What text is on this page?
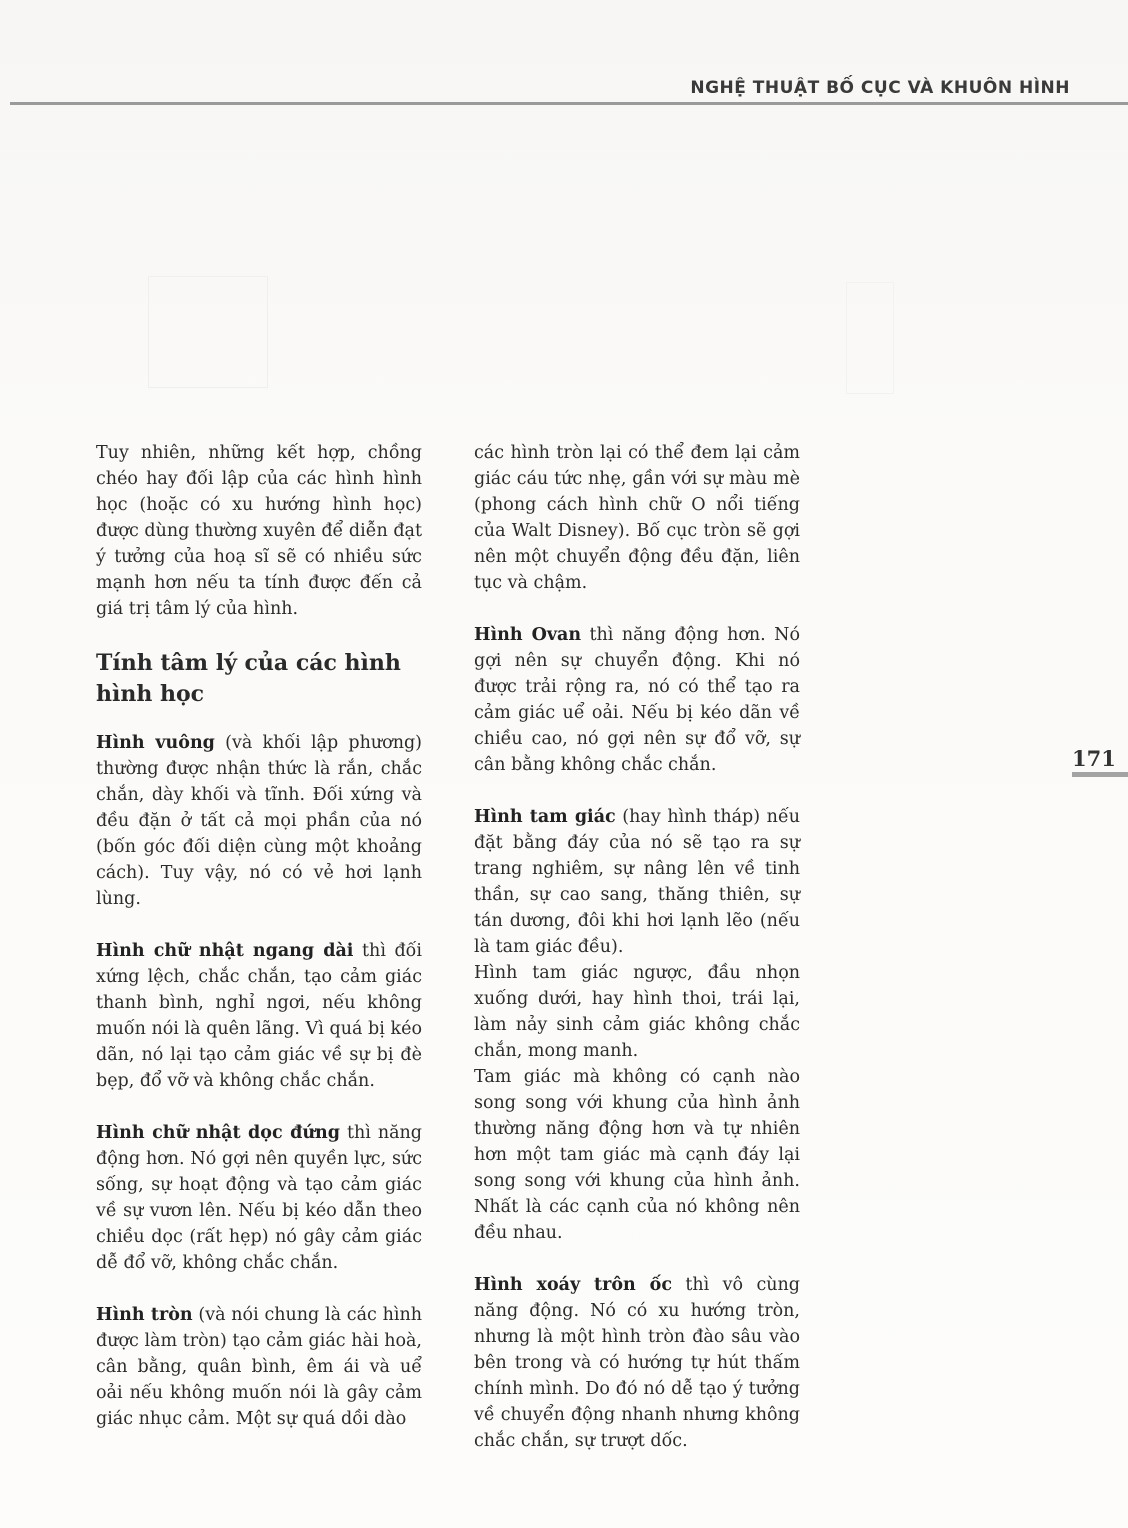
NGHỆ THUẬT BỐ CỤC VÀ KHUÔN HÌNH
171

Tuy nhiên, những kết hợp, chồng chéo hay đối lập của các hình hình học (hoặc có xu hướng hình học) được dùng thường xuyên để diễn đạt ý tưởng của hoạ sĩ sẽ có nhiều sức mạnh hơn nếu ta tính được đến cả giá trị tâm lý của hình.

Tính tâm lý của các hình hình học

Hình vuông (và khối lập phương) thường được nhận thức là rắn, chắc chắn, dày khối và tĩnh. Đối xứng và đều đặn ở tất cả mọi phần của nó (bốn góc đối diện cùng một khoảng cách). Tuy vậy, nó có vẻ hơi lạnh lùng.

Hình chữ nhật ngang dài thì đối xứng lệch, chắc chắn, tạo cảm giác thanh bình, nghỉ ngơi, nếu không muốn nói là quên lãng. Vì quá bị kéo dãn, nó lại tạo cảm giác về sự bị đè bẹp, đổ vỡ và không chắc chắn.

Hình chữ nhật dọc đứng thì năng động hơn. Nó gợi nên quyền lực, sức sống, sự hoạt động và tạo cảm giác về sự vươn lên. Nếu bị kéo dẫn theo chiều dọc (rất hẹp) nó gây cảm giác dễ đổ vỡ, không chắc chắn.

Hình tròn (và nói chung là các hình được làm tròn) tạo cảm giác hài hoà, cân bằng, quân bình, êm ái và uể oải nếu không muốn nói là gây cảm giác nhục cảm. Một sự quá dồi dào

các hình tròn lại có thể đem lại cảm giác cáu tức nhẹ, gần với sự màu mè (phong cách hình chữ O nổi tiếng của Walt Disney). Bố cục tròn sẽ gợi nên một chuyển động đều đặn, liên tục và chậm.

Hình Ovan thì năng động hơn. Nó gợi nên sự chuyển động. Khi nó được trải rộng ra, nó có thể tạo ra cảm giác uể oải. Nếu bị kéo dãn về chiều cao, nó gợi nên sự đổ vỡ, sự cân bằng không chắc chắn.

Hình tam giác (hay hình tháp) nếu đặt bằng đáy của nó sẽ tạo ra sự trang nghiêm, sự nâng lên về tinh thần, sự cao sang, thăng thiên, sự tán dương, đôi khi hơi lạnh lẽo (nếu là tam giác đều).

Hình tam giác ngược, đầu nhọn xuống dưới, hay hình thoi, trái lại, làm nảy sinh cảm giác không chắc chắn, mong manh.

Tam giác mà không có cạnh nào song song với khung của hình ảnh thường năng động hơn và tự nhiên hơn một tam giác mà cạnh đáy lại song song với khung của hình ảnh. Nhất là các cạnh của nó không nên đều nhau.

Hình xoáy trôn ốc thì vô cùng năng động. Nó có xu hướng tròn, nhưng là một hình tròn đào sâu vào bên trong và có hướng tự hút thấm chính mình. Do đó nó dễ tạo ý tưởng về chuyển động nhanh nhưng không chắc chắn, sự trượt dốc.
